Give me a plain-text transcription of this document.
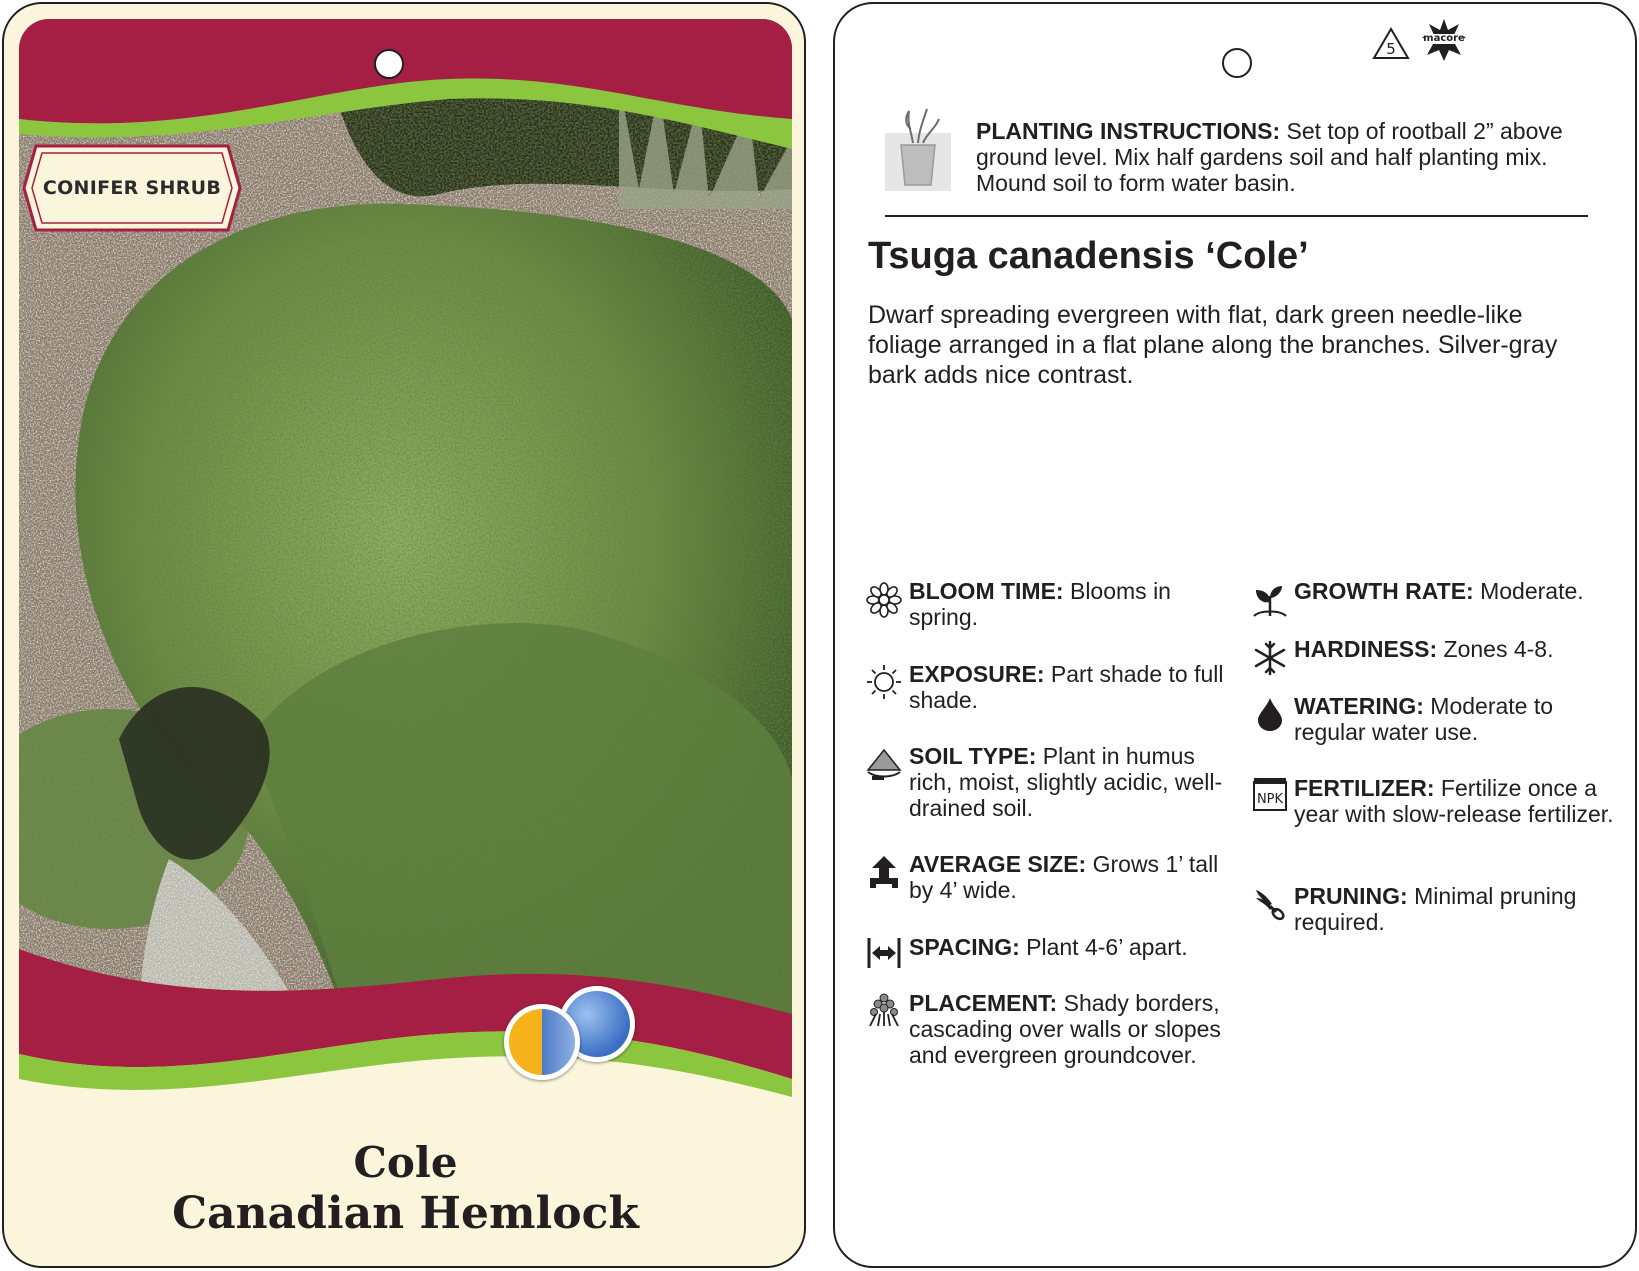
CONIFER SHRUB
Cole
Canadian Hemlock
5
macore
PLANTING INSTRUCTIONS: Set top of rootball 2” above ground level. Mix half gardens soil and half planting mix. Mound soil to form water basin.
Tsuga canadensis ‘Cole’
Dwarf spreading evergreen with flat, dark green needle-like foliage arranged in a flat plane along the branches. Silver-gray bark adds nice contrast.
BLOOM TIME: Blooms in spring.
EXPOSURE: Part shade to full shade.
SOIL TYPE: Plant in humus rich, moist, slightly acidic, well-drained soil.
AVERAGE SIZE: Grows 1’ tall by 4’ wide.
SPACING: Plant 4-6’ apart.
PLACEMENT: Shady borders, cascading over walls or slopes and evergreen groundcover.
GROWTH RATE: Moderate.
HARDINESS: Zones 4-8.
WATERING: Moderate to regular water use.
NPK FERTILIZER: Fertilize once a year with slow-release fertilizer.
PRUNING: Minimal pruning required.
